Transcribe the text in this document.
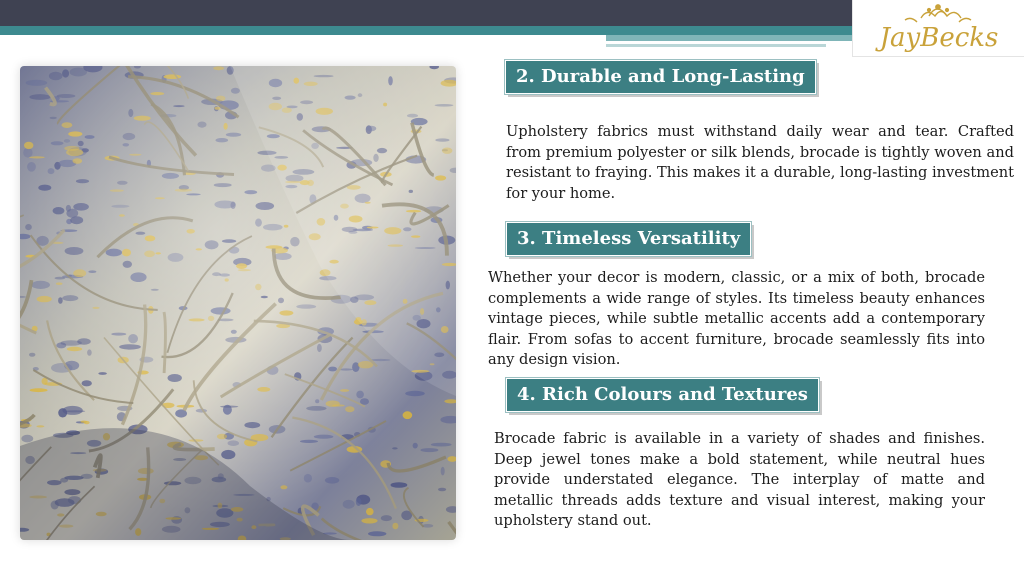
JayBecks
2. Durable and Long-Lasting

Upholstery fabrics must withstand daily wear and tear. Crafted from premium polyester or silk blends, brocade is tightly woven and resistant to fraying. This makes it a durable, long-lasting investment for your home.

3. Timeless Versatility

Whether your decor is modern, classic, or a mix of both, brocade complements a wide range of styles. Its timeless beauty enhances vintage pieces, while subtle metallic accents add a contemporary flair. From sofas to accent furniture, brocade seamlessly fits into any design vision.

4. Rich Colours and Textures

Brocade fabric is available in a variety of shades and finishes. Deep jewel tones make a bold statement, while neutral hues provide understated elegance. The interplay of matte and metallic threads adds texture and visual interest, making your upholstery stand out.
